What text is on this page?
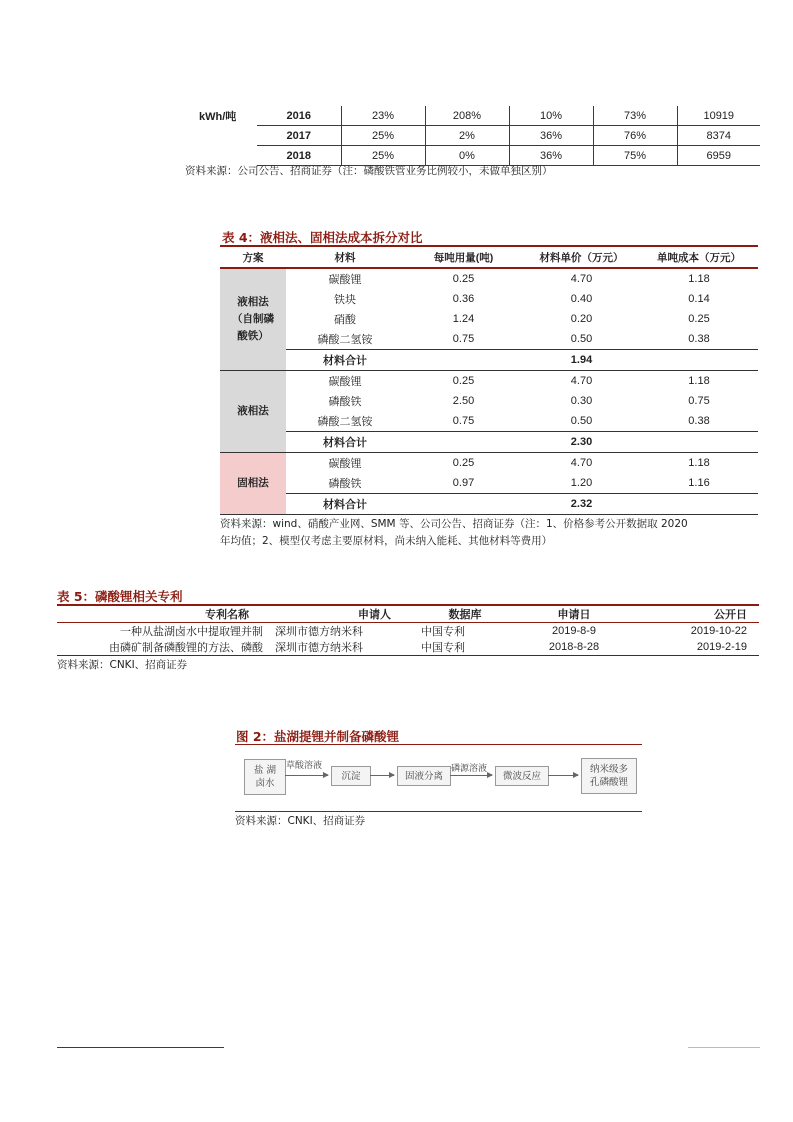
kWh/吨	2016	23%	208%	10%	73%	10919
2017	25%	2%	36%	76%	8374
2018	25%	0%	36%	75%	6959
资料来源：公司公告、招商证券（注：磷酸铁管业务比例较小，未做单独区别）
表 4：液相法、固相法成本拆分对比
方案	材料	每吨用量(吨)	材料单价（万元）	单吨成本（万元）

液相法
（自制磷
酸铁）	碳酸锂	0.25	4.70	1.18
	铁块	0.36	0.40	0.14
	硝酸	1.24	0.20	0.25
	磷酸二氢铵	0.75	0.50	0.38
	材料合计		1.94	

液相法	碳酸锂	0.25	4.70	1.18
	磷酸铁	2.50	0.30	0.75
	磷酸二氢铵	0.75	0.50	0.38
	材料合计		2.30	

固相法	碳酸锂	0.25	4.70	1.18
	磷酸铁	0.97	1.20	1.16
	材料合计		2.32	
资料来源：wind、硝酸产业网、SMM 等、公司公告、招商证券（注：1、价格参考公开数据取 2020
年均值；2、模型仅考虑主要原材料，尚未纳入能耗、其他材料等费用）
表 5：磷酸锂相关专利
专利名称	申请人	数据库	申请日	公开日
一种从盐湖卤水中提取锂并制	深圳市德方纳米科	中国专利	2019-8-9	2019-10-22
由磷矿制备磷酸锂的方法、磷酸	深圳市德方纳米科	中国专利	2018-8-28	2019-2-19
资料来源：CNKI、招商证券
图 2：盐湖提锂并制备磷酸锂
盐 湖
卤水
草酸溶液
沉淀	固液分离
磷源溶液
微波反应
纳米级多
孔磷酸锂
资料来源：CNKI、招商证券
